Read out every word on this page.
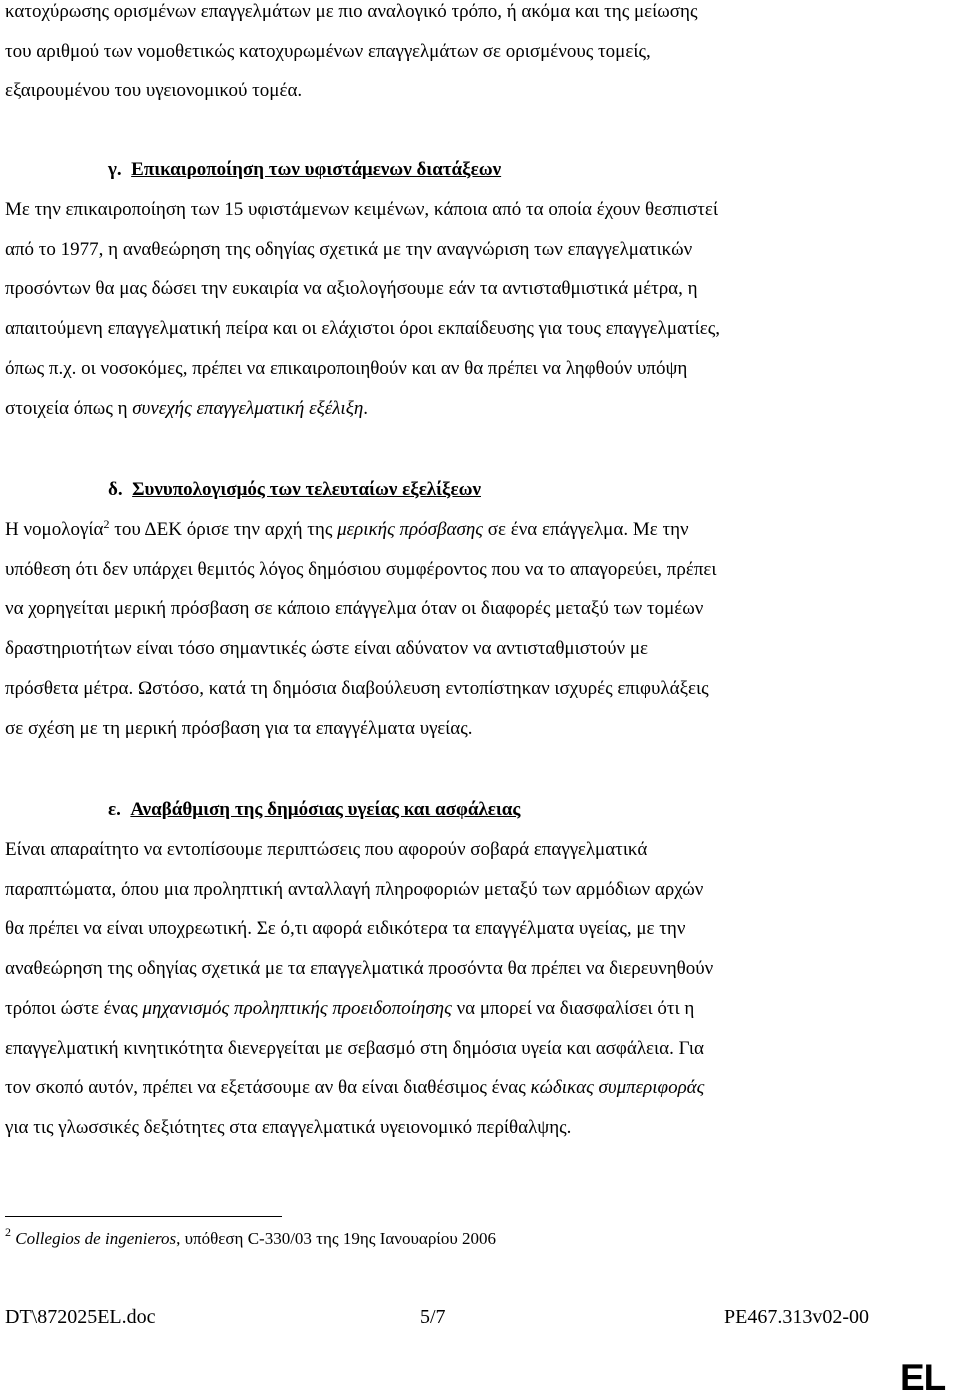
κατοχύρωσης ορισμένων επαγγελμάτων με πιο αναλογικό τρόπο, ή ακόμα και της μείωσης
του αριθμού των νομοθετικώς κατοχυρωμένων επαγγελμάτων σε ορισμένους τομείς,
εξαιρουμένου του υγειονομικού τομέα.
γ. Επικαιροποίηση των υφιστάμενων διατάξεων
Με την επικαιροποίηση των 15 υφιστάμενων κειμένων, κάποια από τα οποία έχουν θεσπιστεί
από το 1977, η αναθεώρηση της οδηγίας σχετικά με την αναγνώριση των επαγγελματικών
προσόντων θα μας δώσει την ευκαιρία να αξιολογήσουμε εάν τα αντισταθμιστικά μέτρα, η
απαιτούμενη επαγγελματική πείρα και οι ελάχιστοι όροι εκπαίδευσης για τους επαγγελματίες,
όπως π.χ. οι νοσοκόμες, πρέπει να επικαιροποιηθούν και αν θα πρέπει να ληφθούν υπόψη
στοιχεία όπως η συνεχής επαγγελματική εξέλιξη.
δ. Συνυπολογισμός των τελευταίων εξελίξεων
Η νομολογία$^2$ του ΔΕΚ όρισε την αρχή της μερικής πρόσβασης σε ένα επάγγελμα. Με την
υπόθεση ότι δεν υπάρχει θεμιτός λόγος δημόσιου συμφέροντος που να το απαγορεύει, πρέπει
να χορηγείται μερική πρόσβαση σε κάποιο επάγγελμα όταν οι διαφορές μεταξύ των τομέων
δραστηριοτήτων είναι τόσο σημαντικές ώστε είναι αδύνατον να αντισταθμιστούν με
πρόσθετα μέτρα. Ωστόσο, κατά τη δημόσια διαβούλευση εντοπίστηκαν ισχυρές επιφυλάξεις
σε σχέση με τη μερική πρόσβαση για τα επαγγέλματα υγείας.
ε. Αναβάθμιση της δημόσιας υγείας και ασφάλειας
Είναι απαραίτητο να εντοπίσουμε περιπτώσεις που αφορούν σοβαρά επαγγελματικά
παραπτώματα, όπου μια προληπτική ανταλλαγή πληροφοριών μεταξύ των αρμόδιων αρχών
θα πρέπει να είναι υποχρεωτική. Σε ό,τι αφορά ειδικότερα τα επαγγέλματα υγείας, με την
αναθεώρηση της οδηγίας σχετικά με τα επαγγελματικά προσόντα θα πρέπει να διερευνηθούν
τρόποι ώστε ένας μηχανισμός προληπτικής προειδοποίησης να μπορεί να διασφαλίσει ότι η
επαγγελματική κινητικότητα διενεργείται με σεβασμό στη δημόσια υγεία και ασφάλεια. Για
τον σκοπό αυτόν, πρέπει να εξετάσουμε αν θα είναι διαθέσιμος ένας κώδικας συμπεριφοράς
για τις γλωσσικές δεξιότητες στα επαγγελματικά υγειονομικό περίθαλψης.
$^2$ Collegios de ingenieros, υπόθεση C-330/03 της 19ης Ιανουαρίου 2006
DT\872025EL.doc	5/7	PE467.313v02-00
EL
